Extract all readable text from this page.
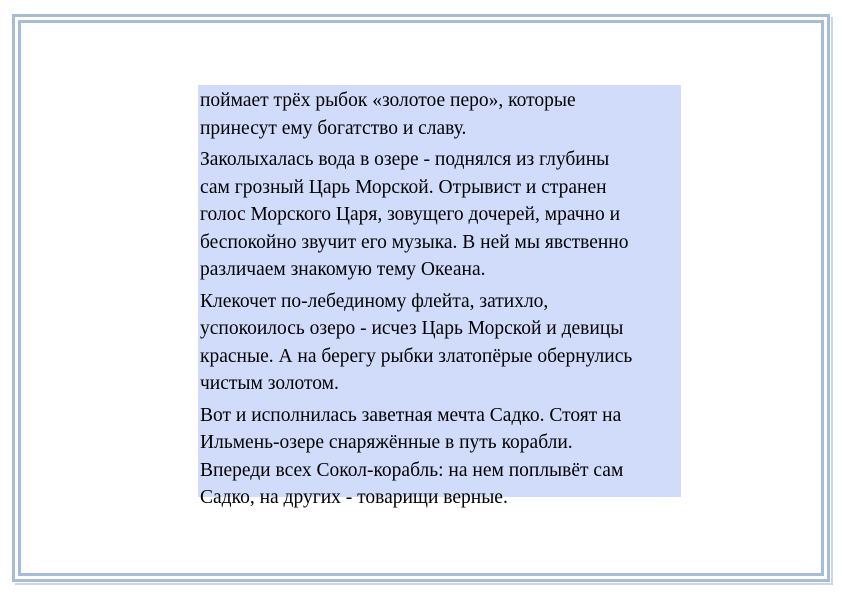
поймает трёх рыбок «золотое перо», которые
принесут ему богатство и славу.

Заколыхалась вода в озере - поднялся из глубины
сам грозный Царь Морской. Отрывист и странен
голос Морского Царя, зовущего дочерей, мрачно и
беспокойно звучит его музыка. В ней мы явственно
различаем знакомую тему Океана.

Клекочет по-лебединому флейта, затихло,
успокоилось озеро - исчез Царь Морской и девицы
красные. А на берегу рыбки златопёрые обернулись
чистым золотом.

Вот и исполнилась заветная мечта Садко. Стоят на
Ильмень-озере снаряжённые в путь корабли.
Впереди всех Сокол-корабль: на нем поплывёт сам
Садко, на других - товарищи верные.
